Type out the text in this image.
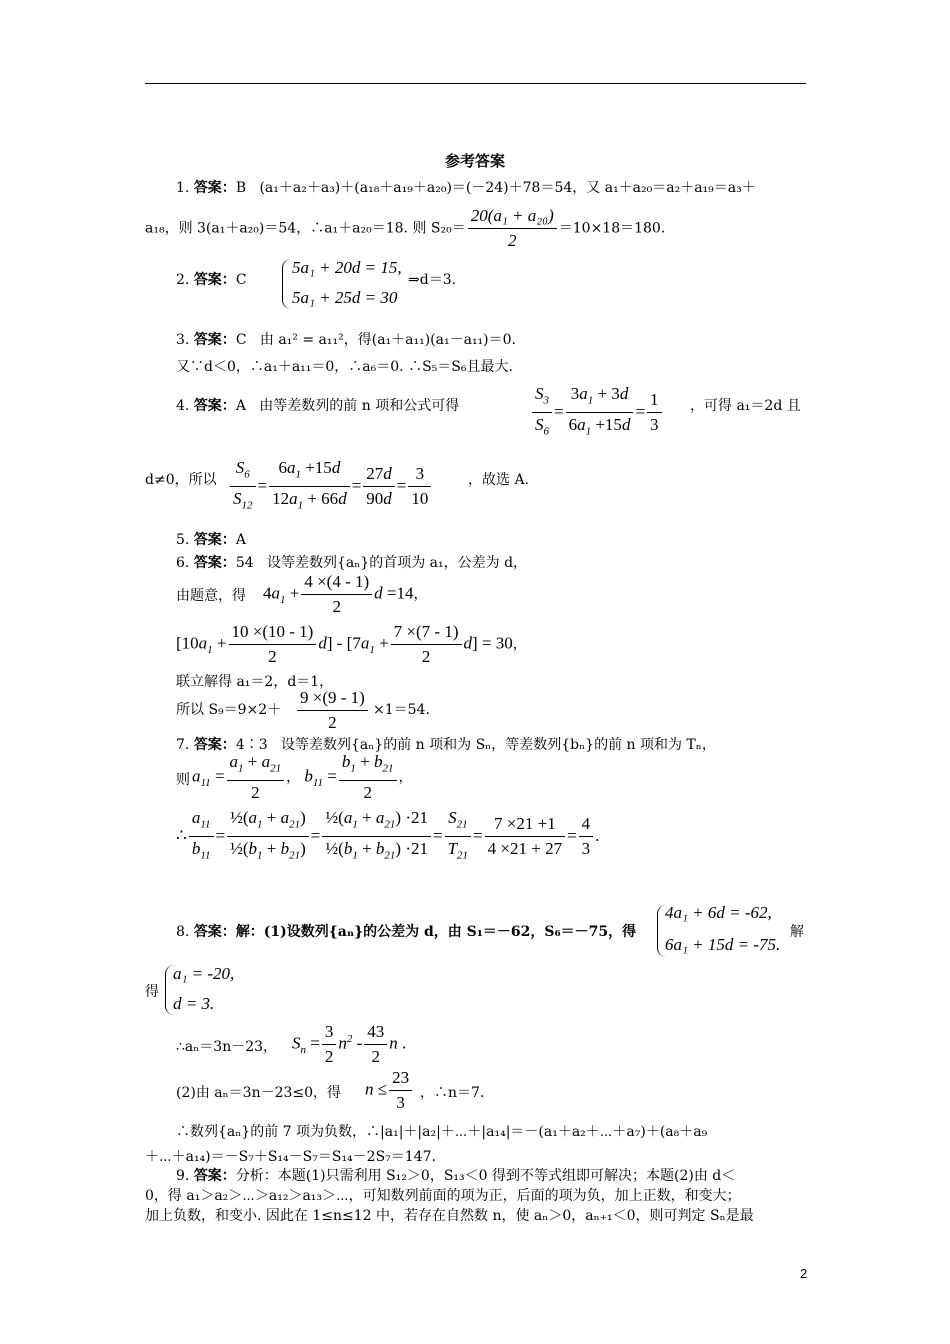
参考答案
1. 答案：B (a₁＋a₂＋a₃)＋(a₁₈＋a₁₉＋a₂₀)＝(－24)＋78＝54，又 a₁＋a₂₀＝a₂＋a₁₉＝a₃＋
a₁₈，则 3(a₁＋a₂₀)＝54，∴a₁＋a₂₀＝18. 则 $S_{20}= \frac{\text{20(a₁ + a₂₀)}}{2} =10\times 18=180$.
2. 答案：C
5a₁ + 20d = 15,
5a₁ + 25d = 30
⇒d＝3.
3. 答案：C 由 a₁² = a₁₁²，得(a₁＋a₁₁)(a₁－a₁₁)＝0.
又∵d＜0，∴a₁＋a₁₁＝0，∴a₆＝0. ∴S₅＝S₆且最大.
4. 答案：A 由等差数列的前 n 项和公式可得	$\frac{S_3}{S_6} = \frac{3a_1 + 3d}{6a_1 +15d} = \frac{1}{3}$ ，可得 a₁＝2d 且
d≠0，所以 $\frac{S_6}{S_{12}} = \frac{6a_1 +15d}{12a_1 + 66d} = \frac{27d}{90d} = \frac{3}{10}$	，故选 A.
5. 答案：A
6. 答案：54 设等差数列{aₙ}的首项为 a₁，公差为 d，
由题意，得 $4a_1 + \frac{4 \times(4 - 1)}{2}$ d =14，
$[10a_1 + \frac{10 \times(10 - 1)}{2} d] - [7a_1 + \frac{7 \times(7 - 1)}{2} d] = 30$，
联立解得 a₁＝2，d＝1，
所以 $S_9=9\times 2+ \frac{9 \times(9 - 1)}{2} \times 1=54$.
7. 答案：4∶3 设等差数列{aₙ}的前 n 项和为 Sₙ，等差数列{bₙ}的前 n 项和为 Tₙ，
则 $a_{11} = \frac{a_1 + a_{21}}{2}$ ， $b_{11} = \frac{b_1 + b_{21}}{2}$ ，
∴ $\frac{a_{11}}{b_{11}} = \frac{\frac{1}{2}(a_1 + a_{21})}{\frac{1}{2}(b_1 + b_{21})} = \frac{\frac{1}{2}(a_1 + a_{21}) \cdot 21}{\frac{1}{2}(b_1 + b_{21}) \cdot 21} = \frac{S_{21}}{T_{21}} = \frac{7 \times 21 +1}{4 \times 21 + 27} = \frac{4}{3}$ .
8. 答案：解：(1)设数列{aₙ}的公差为 d，由 S₁＝－62，S₆＝－75，得
4a₁ + 6d = -62,
6a₁ + 15d = -75.
解
得
a₁ = -20,
d = 3.
∴aₙ＝3n－23， $S_n = \frac{3}{2} n^2 - \frac{43}{2}$ n .
(2)由 aₙ＝3n－23≤0，得 $n \le \frac{23}{3}$ ，∴n＝7.
∴数列{aₙ}的前 7 项为负数，∴|a₁|＋|a₂|＋⋯＋|a₁₄|＝－(a₁＋a₂＋⋯＋a₇)＋(a₈＋a₉
＋⋯＋a₁₄)＝－S₇＋S₁₄－S₇＝S₁₄－2S₇＝147.
9. 答案：分析：本题(1)只需利用 S₁₂＞0，S₁₃＜0 得到不等式组即可解决；本题(2)由 d＜
0，得 a₁＞a₂＞⋯＞a₁₂＞a₁₃＞⋯，可知数列前面的项为正，后面的项为负，加上正数，和变大；
加上负数，和变小. 因此在 1≤n≤12 中，若存在自然数 n，使 aₙ＞0，aₙ₊₁＜0，则可判定 Sₙ是最
2
